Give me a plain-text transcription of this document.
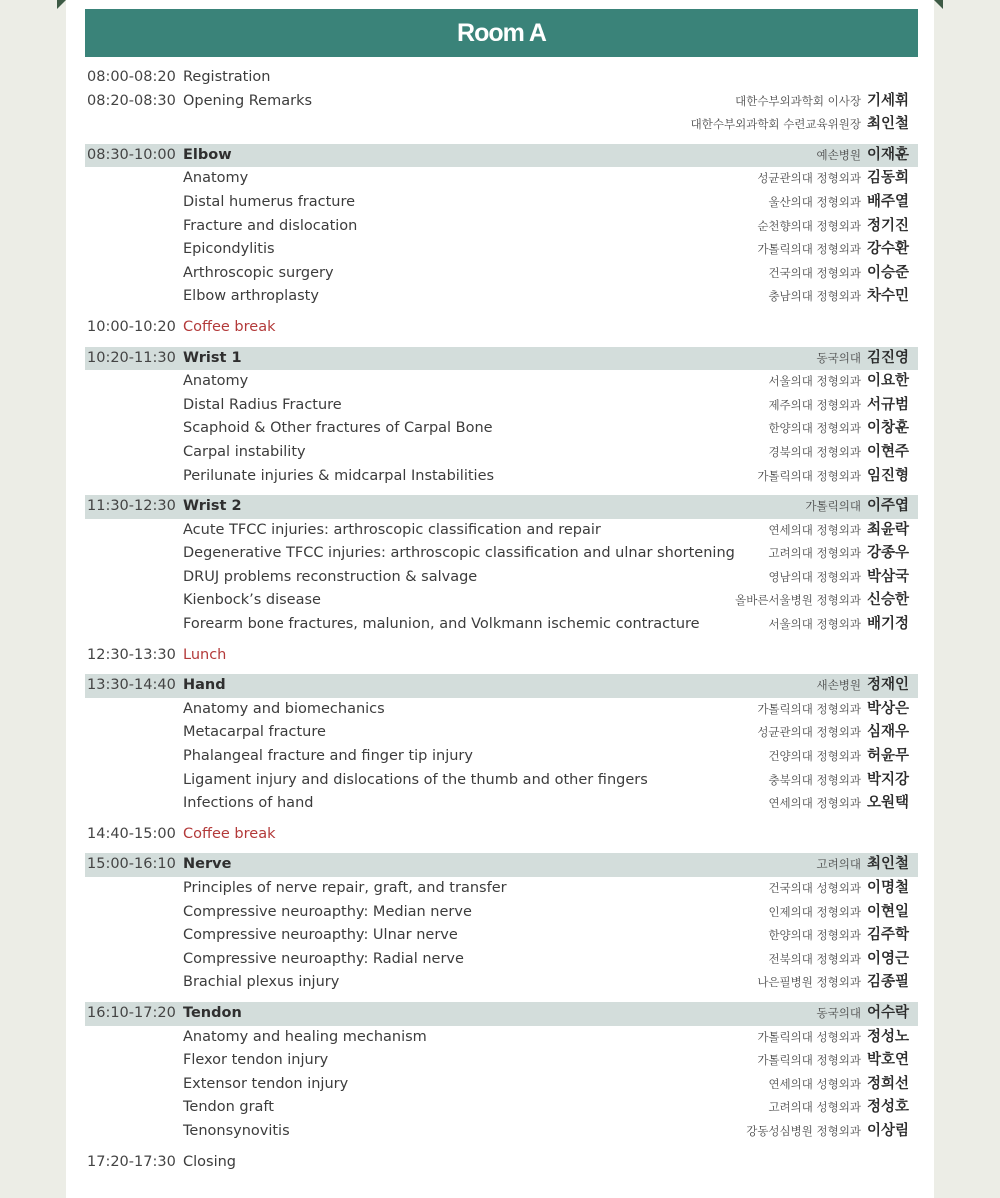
Room A
08:00-08:20 Registration
08:20-08:30 Opening Remarks	대한수부외과학회 이사장 기세휘
대한수부외과학회 수련교육위원장 최인철
08:30-10:00 Elbow	예손병원 이재훈
Anatomy	성균관의대 정형외과 김동희
Distal humerus fracture	울산의대 정형외과 배주열
Fracture and dislocation	순천향의대 정형외과 정기진
Epicondylitis	가톨릭의대 정형외과 강수환
Arthroscopic surgery	건국의대 정형외과 이승준
Elbow arthroplasty	충남의대 정형외과 차수민
10:00-10:20 Coffee break
10:20-11:30 Wrist 1	동국의대 김진영
Anatomy	서울의대 정형외과 이요한
Distal Radius Fracture	제주의대 정형외과 서규범
Scaphoid & Other fractures of Carpal Bone	한양의대 정형외과 이창훈
Carpal instability	경북의대 정형외과 이현주
Perilunate injuries & midcarpal Instabilities	가톨릭의대 정형외과 임진형
11:30-12:30 Wrist 2	가톨릭의대 이주엽
Acute TFCC injuries: arthroscopic classification and repair	연세의대 정형외과 최윤락
Degenerative TFCC injuries: arthroscopic classification and ulnar shortening	고려의대 정형외과 강종우
DRUJ problems reconstruction & salvage	영남의대 정형외과 박삼국
Kienbock’s disease	올바른서울병원 정형외과 신승한
Forearm bone fractures, malunion, and Volkmann ischemic contracture	서울의대 정형외과 배기정
12:30-13:30 Lunch
13:30-14:40 Hand	새손병원 정재인
Anatomy and biomechanics	가톨릭의대 정형외과 박상은
Metacarpal fracture	성균관의대 정형외과 심재우
Phalangeal fracture and finger tip injury	건양의대 정형외과 허윤무
Ligament injury and dislocations of the thumb and other fingers	충북의대 정형외과 박지강
Infections of hand	연세의대 정형외과 오원택
14:40-15:00 Coffee break
15:00-16:10 Nerve	고려의대 최인철
Principles of nerve repair, graft, and transfer	건국의대 성형외과 이명철
Compressive neuroapthy: Median nerve	인제의대 정형외과 이현일
Compressive neuroapthy: Ulnar nerve	한양의대 정형외과 김주학
Compressive neuroapthy: Radial nerve	전북의대 정형외과 이영근
Brachial plexus injury	나은필병원 정형외과 김종필
16:10-17:20 Tendon	동국의대 어수락
Anatomy and healing mechanism	가톨릭의대 성형외과 정성노
Flexor tendon injury	가톨릭의대 정형외과 박호연
Extensor tendon injury	연세의대 성형외과 정희선
Tendon graft	고려의대 성형외과 정성호
Tenonsynovitis	강동성심병원 정형외과 이상림
17:20-17:30 Closing
